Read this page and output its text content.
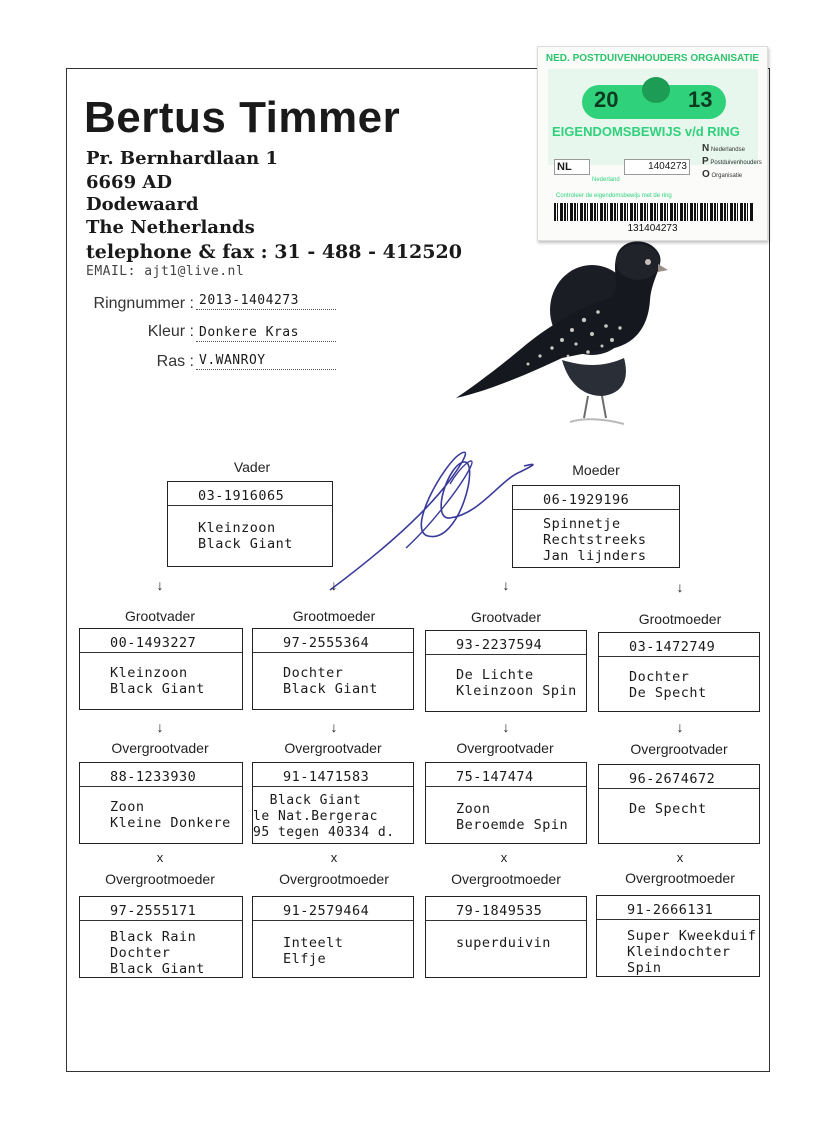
Bertus Timmer
Pr. Bernhardlaan 1
6669 AD
Dodewaard
The Netherlands
telephone & fax : 31 - 488 - 412520
EMAIL: ajt1@live.nl
Ringnummer : 2013-1404273
Kleur : Donkere Kras
Ras : V.WANROY
NED. POSTDUIVENHOUDERS ORGANISATIE
20	13
EIGENDOMSBEWIJS v/d RING
NL	1404273
N Nederlandse
P Postduivenhouders
O Organisatie
Nederland
Controleer de eigendomsbewijs met de ring
131404273
Vader
03-1916065
Kleinzoon
Black Giant
Moeder
06-1929196
Spinnetje
Rechtstreeks
Jan lijnders
↓	↓	↓	↓
Grootvader
00-1493227
Kleinzoon
Black Giant
Grootmoeder
97-2555364
Dochter
Black Giant
Grootvader
93-2237594
De Lichte
Kleinzoon Spin
Grootmoeder
03-1472749
Dochter
De Specht
↓	↓	↓	↓
Overgrootvader
88-1233930
Zoon
Kleine Donkere
Overgrootvader
91-1471583
Black Giant
le Nat.Bergerac
95 tegen 40334 d.
Overgrootvader
75-147474
Zoon
Beroemde Spin
Overgrootvader
96-2674672
De Specht
x	x	x	x
Overgrootmoeder
97-2555171
Black Rain
Dochter
Black Giant
Overgrootmoeder
91-2579464
Inteelt
Elfje
Overgrootmoeder
79-1849535
superduivin
Overgrootmoeder
91-2666131
Super Kweekduif
Kleindochter
Spin
